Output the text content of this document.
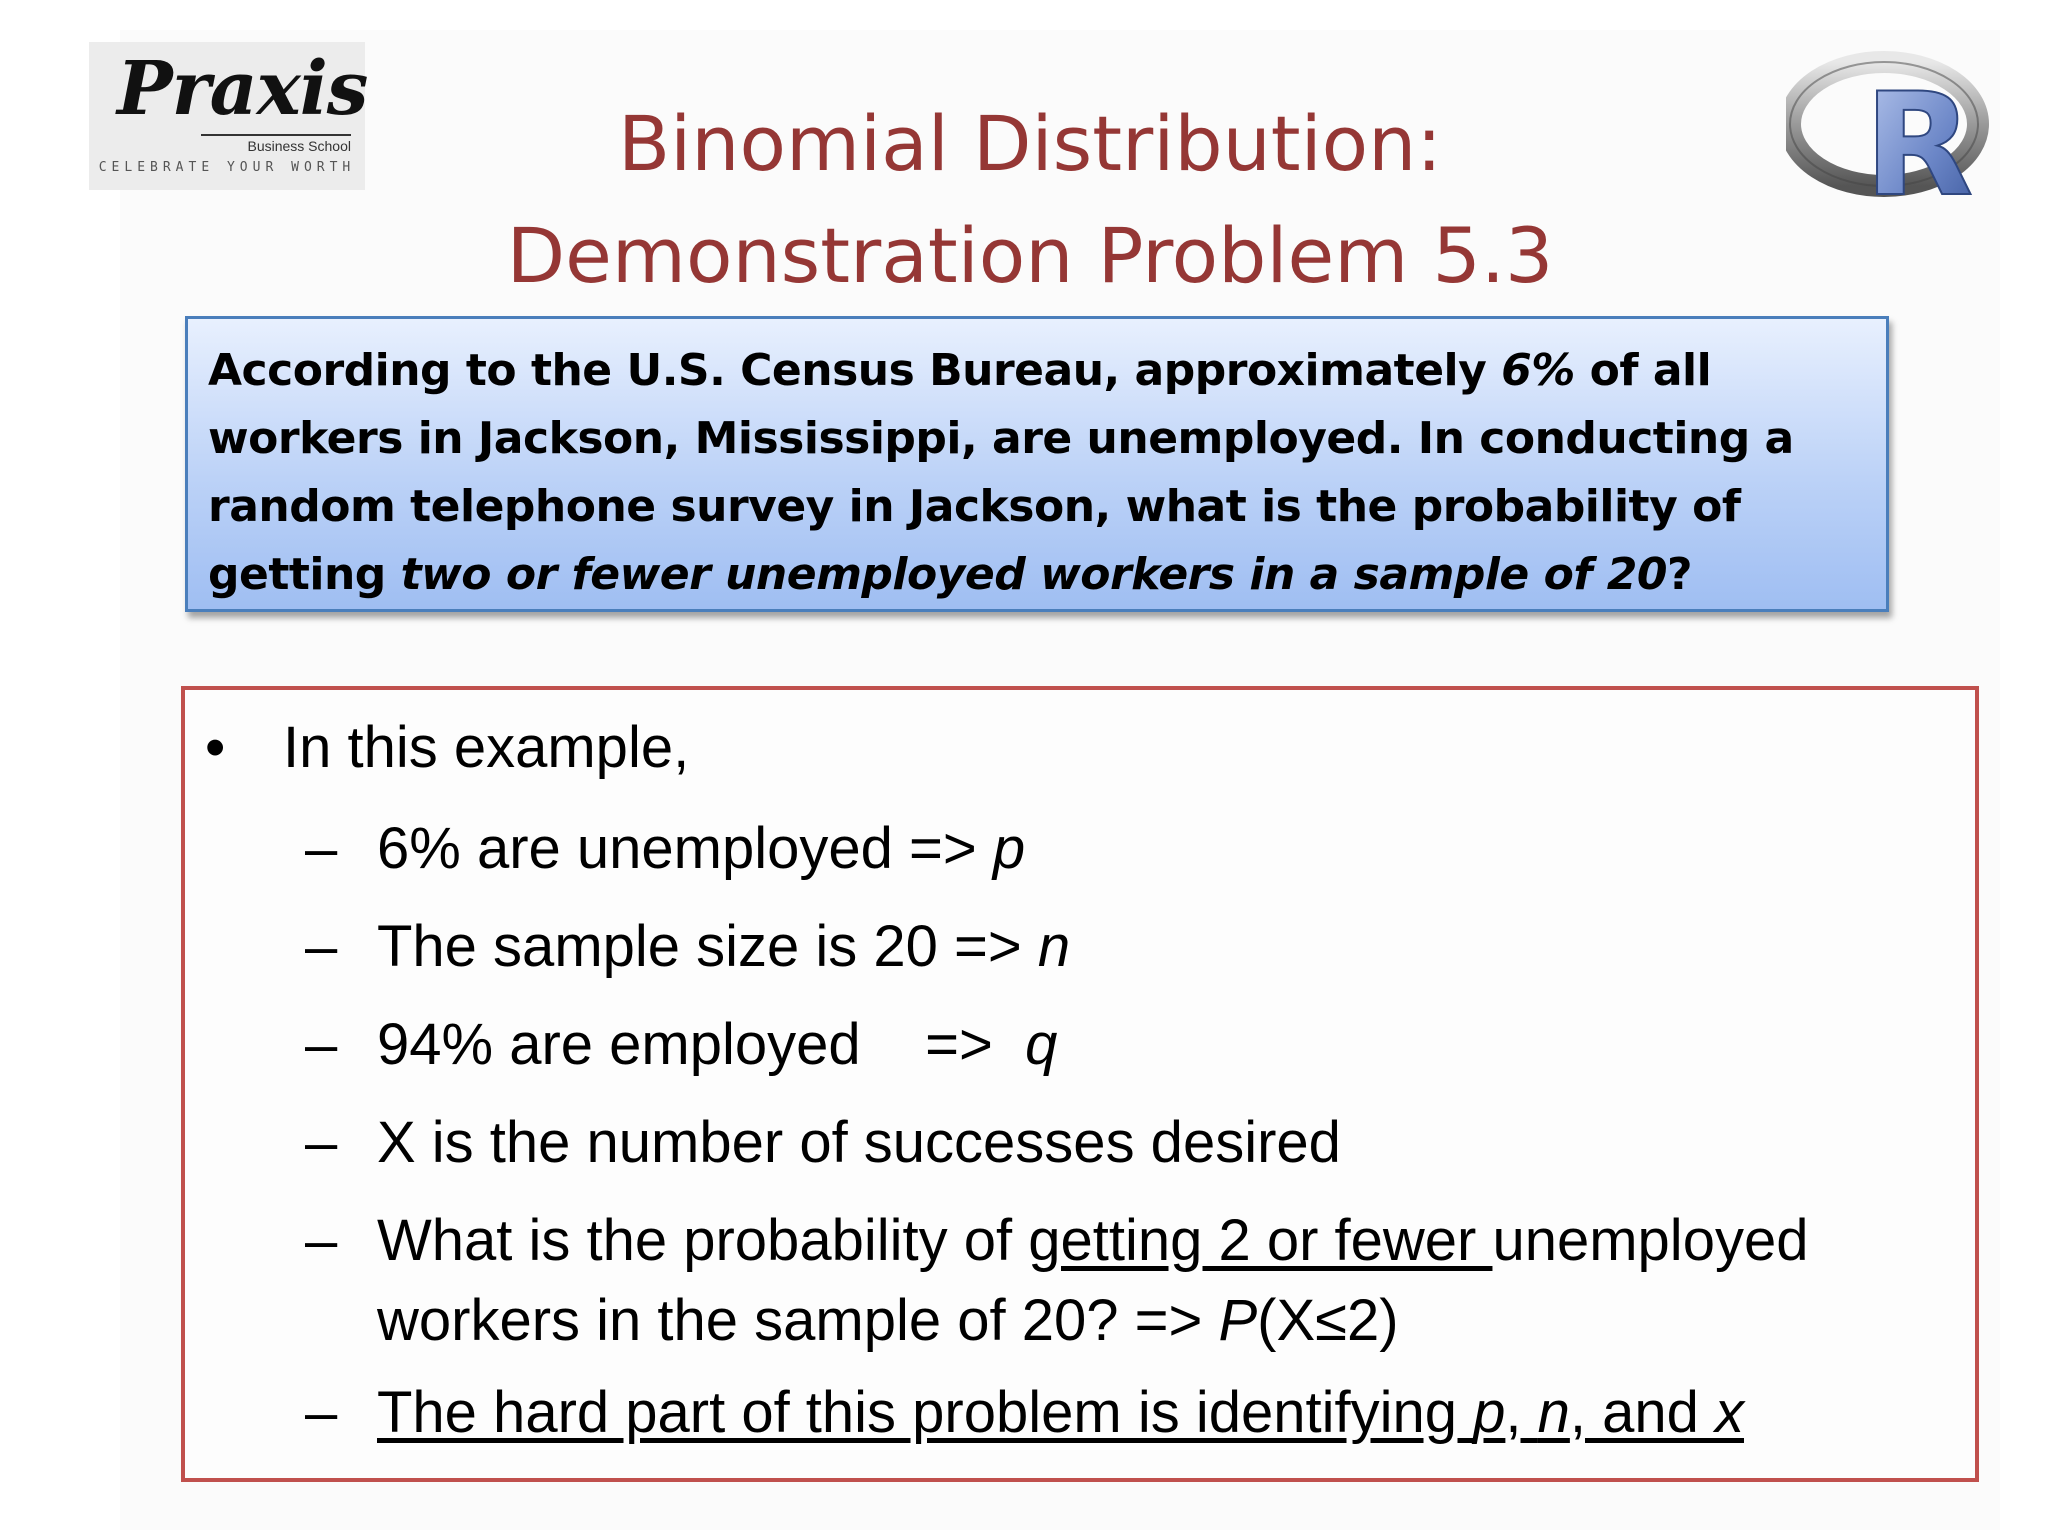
Praxis
Business School
CELEBRATE YOUR WORTH	R
Binomial Distribution:
Demonstration Problem 5.3
According to the U.S. Census Bureau, approximately 6% of all workers in Jackson, Mississippi, are unemployed. In conducting a random telephone survey in Jackson, what is the probability of getting two or fewer unemployed workers in a sample of 20?
• In this example,
– 6% are unemployed => p
– The sample size is 20 => n
– 94% are employed    =>  q
– X is the number of successes desired
– What is the probability of getting 2 or fewer unemployed
workers in the sample of 20? => P(X≤2)
– The hard part of this problem is identifying p, n, and x
